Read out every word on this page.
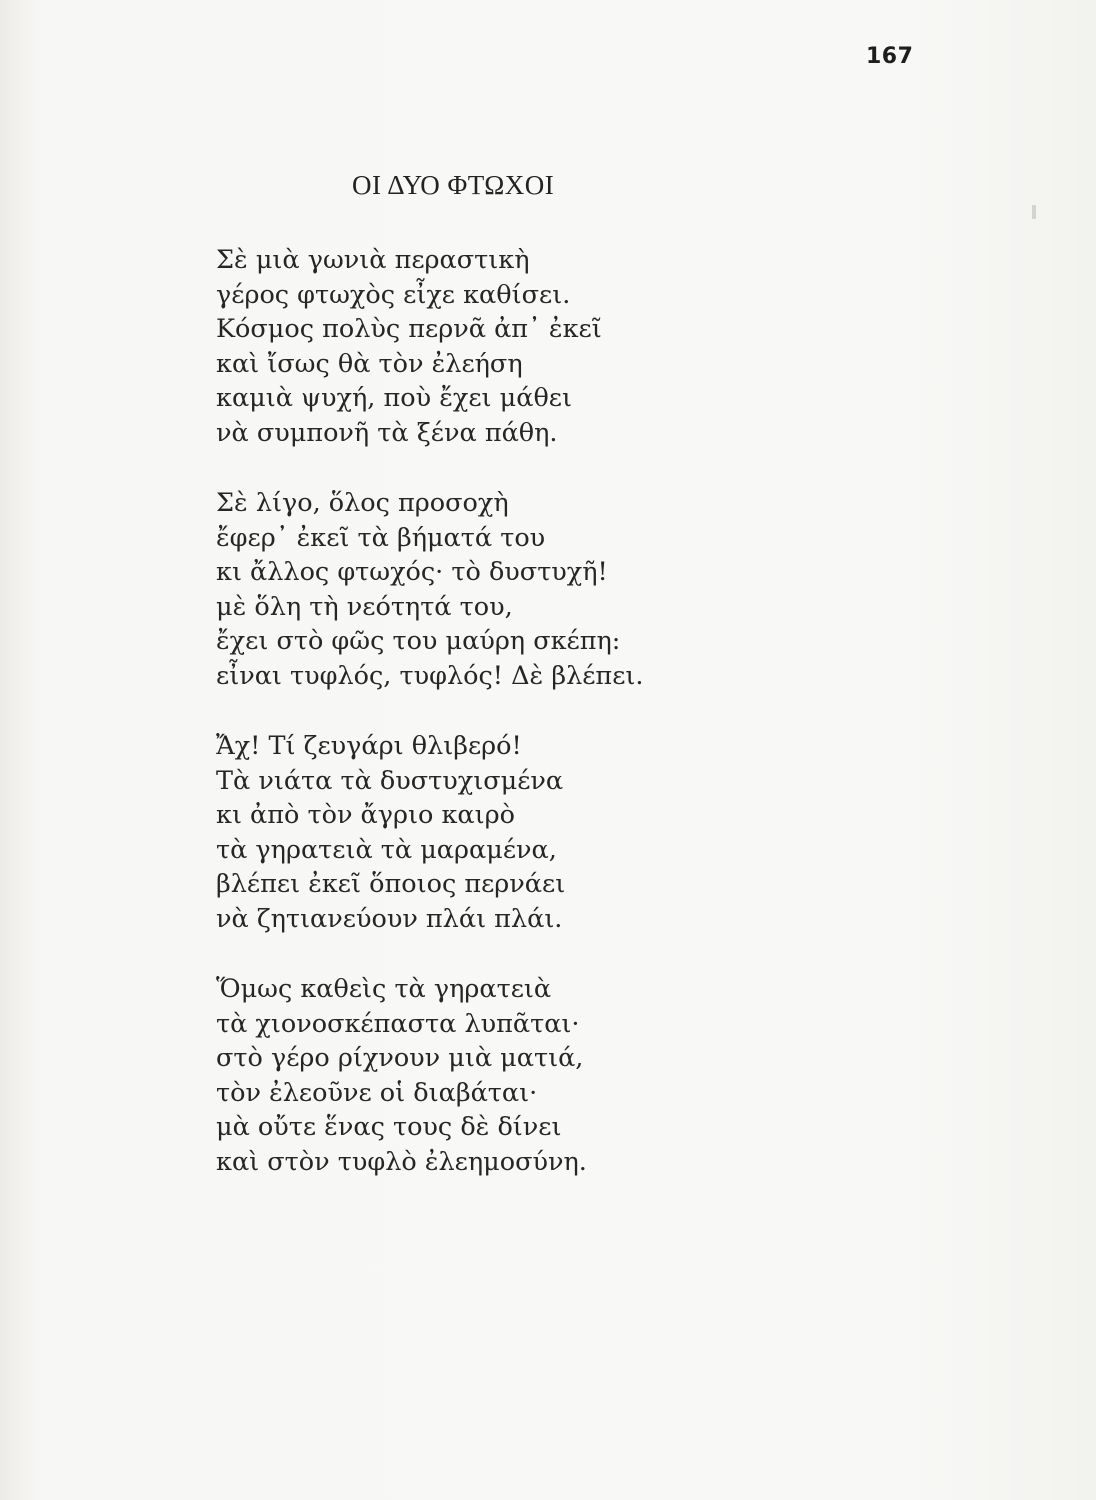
167
ΟΙ ΔΥΟ ΦΤΩΧΟΙ
Σὲ μιὰ γωνιὰ περαστικὴ
γέρος φτωχὸς εἶχε καθίσει.
Κόσμος πολὺς περνᾶ ἀπ᾽ ἐκεῖ
καὶ ἴσως θὰ τὸν ἐλεήση
καμιὰ ψυχή, ποὺ ἔχει μάθει
νὰ συμπονῆ τὰ ξένα πάθη.
Σὲ λίγο, ὅλος προσοχὴ
ἔφερ᾽ ἐκεῖ τὰ βήματά του
κι ἄλλος φτωχός· τὸ δυστυχῆ!
μὲ ὅλη τὴ νεότητά του,
ἔχει στὸ φῶς του μαύρη σκέπη:
εἶναι τυφλός, τυφλός! Δὲ βλέπει.
Ἄχ! Τί ζευγάρι θλιβερό!
Τὰ νιάτα τὰ δυστυχισμένα
κι ἀπὸ τὸν ἄγριο καιρὸ
τὰ γηρατειὰ τὰ μαραμένα,
βλέπει ἐκεῖ ὅποιος περνάει
νὰ ζητιανεύουν πλάι πλάι.
Ὅμως καθεὶς τὰ γηρατειὰ
τὰ χιονοσκέπαστα λυπᾶται·
στὸ γέρο ρίχνουν μιὰ ματιά,
τὸν ἐλεοῦνε οἱ διαβάται·
μὰ οὔτε ἕνας τους δὲ δίνει
καὶ στὸν τυφλὸ ἐλεημοσύνη.
